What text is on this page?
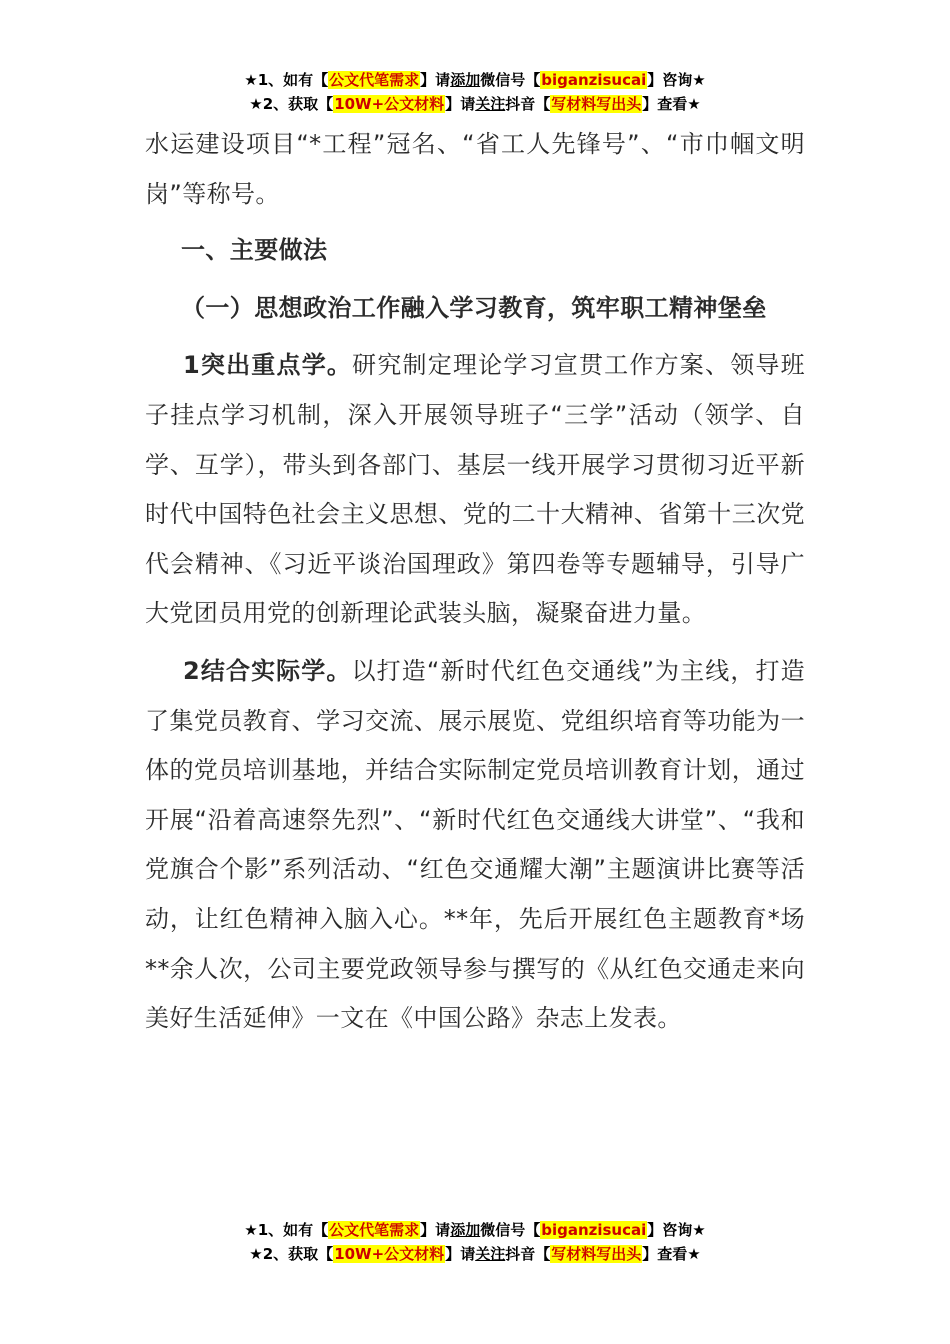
★1、如有【公文代笔需求】请添加微信号【biganzisucai】咨询★
★2、获取【10W+公文材料】请关注抖音【写材料写出头】查看★

水运建设项目“*工程”冠名、“省工人先锋号”、“市巾帼文明岗”等称号。

一、主要做法

（一）思想政治工作融入学习教育，筑牢职工精神堡垒

1突出重点学。研究制定理论学习宣贯工作方案、领导班子挂点学习机制，深入开展领导班子“三学”活动（领学、自学、互学），带头到各部门、基层一线开展学习贯彻习近平新时代中国特色社会主义思想、党的二十大精神、省第十三次党代会精神、《习近平谈治国理政》第四卷等专题辅导，引导广大党团员用党的创新理论武装头脑，凝聚奋进力量。

2结合实际学。以打造“新时代红色交通线”为主线，打造了集党员教育、学习交流、展示展览、党组织培育等功能为一体的党员培训基地，并结合实际制定党员培训教育计划，通过开展“沿着高速祭先烈”、“新时代红色交通线大讲堂”、“我和党旗合个影”系列活动、“红色交通耀大潮”主题演讲比赛等活动，让红色精神入脑入心。**年，先后开展红色主题教育*场**余人次，公司主要党政领导参与撰写的《从红色交通走来向美好生活延伸》一文在《中国公路》杂志上发表。

★1、如有【公文代笔需求】请添加微信号【biganzisucai】咨询★
★2、获取【10W+公文材料】请关注抖音【写材料写出头】查看★
